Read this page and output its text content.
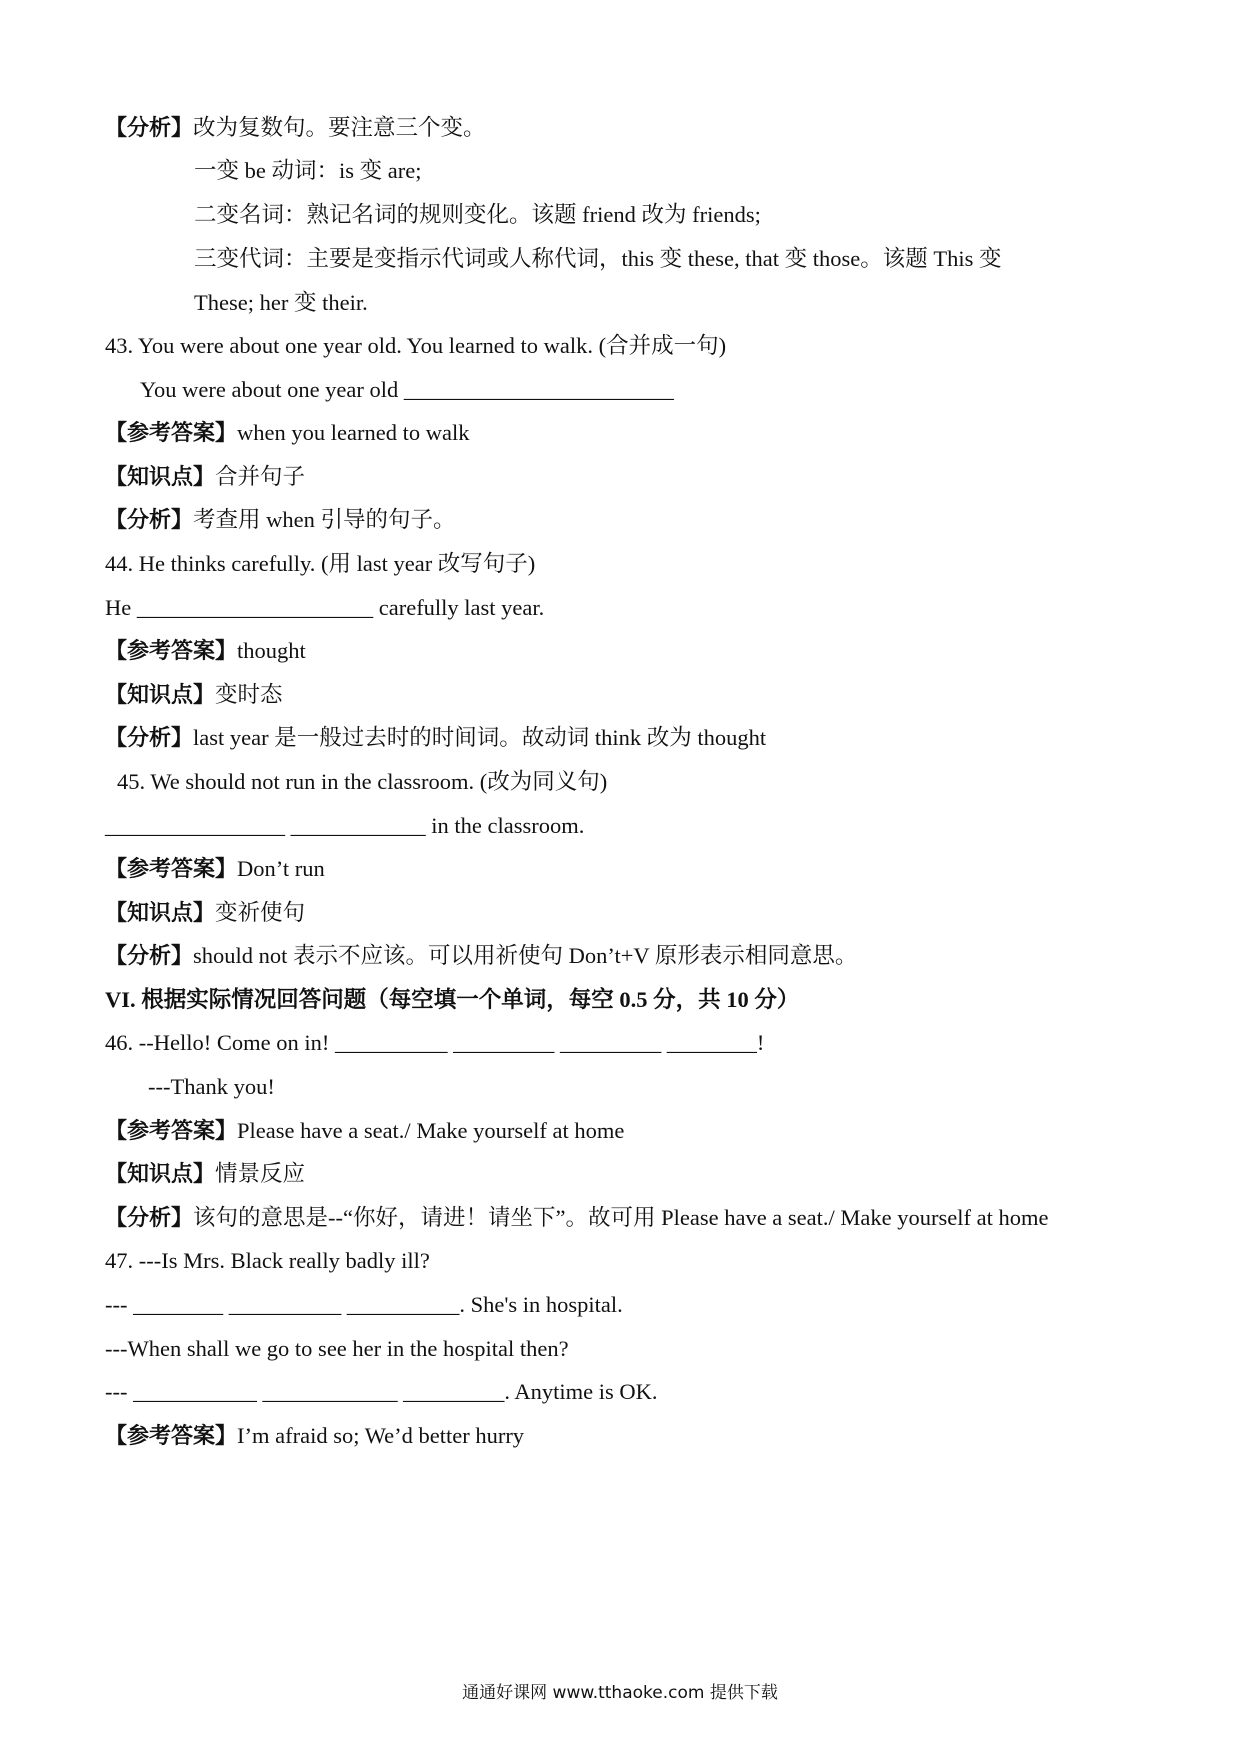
【分析】改为复数句。要注意三个变。
一变 be 动词：is 变 are;
二变名词：熟记名词的规则变化。该题 friend 改为 friends;
三变代词：主要是变指示代词或人称代词，this 变 these, that 变 those。该题 This 变
These; her 变 their.
43. You were about one year old. You learned to walk. (合并成一句)
You were about one year old ________________________
【参考答案】when you learned to walk
【知识点】合并句子
【分析】考查用 when 引导的句子。
44. He thinks carefully. (用 last year 改写句子)
He _____________________ carefully last year.
【参考答案】thought
【知识点】变时态
【分析】last year 是一般过去时的时间词。故动词 think 改为 thought
45. We should not run in the classroom. (改为同义句)
________________ ____________ in the classroom.
【参考答案】Don’t run
【知识点】变祈使句
【分析】should not 表示不应该。可以用祈使句 Don’t+V 原形表示相同意思。
VI. 根据实际情况回答问题（每空填一个单词，每空 0.5 分，共 10 分）
46. --Hello! Come on in! __________ _________ _________ ________!
---Thank you!
【参考答案】Please have a seat./ Make yourself at home
【知识点】情景反应
【分析】该句的意思是--“你好，请进！请坐下”。故可用 Please have a seat./ Make yourself at home
47. ---Is Mrs. Black really badly ill?
--- ________ __________ __________. She's in hospital.
---When shall we go to see her in the hospital then?
--- ___________ ____________ _________. Anytime is OK.
【参考答案】I’m afraid so; We’d better hurry
通通好课网 www.tthaoke.com 提供下载
